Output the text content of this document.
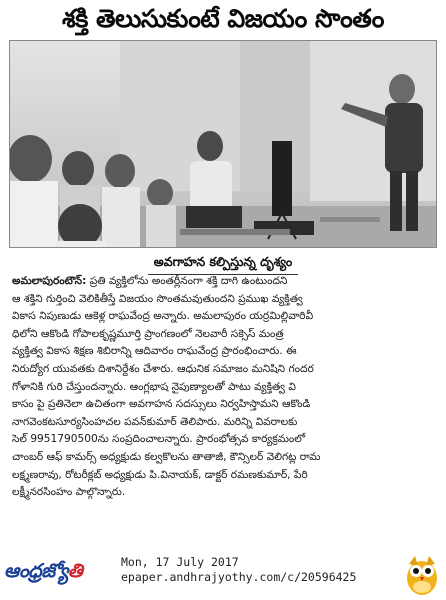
శక్తి తెలుసుకుంటే విజయం సొంతం
అవగాహన కల్పిస్తున్న దృశ్యం
అమలాపురంటౌన్: ప్రతి వ్యక్తిలోను అంతర్లీనంగా శక్తి దాగి ఉంటుందని
ఆ శక్తిని గుర్తించి వెలికితీస్తే విజయం సొంతమవుతుందని ప్రముఖ వ్యక్తిత్వ
వికాస నిపుణుడు ఆకెళ్ల రాఘవేంద్ర అన్నారు. అమలాపురం యర్రమిల్లివారివీ
ధిలోని ఆకొండి గోపాలకృష్ణమూర్తి ప్రాంగణంలో నెలవారీ సక్సెస్ మంత్ర
వ్యక్తిత్వ వికాస శిక్షణ శిబిరాన్ని ఆదివారం రాఘవేంద్ర ప్రారంభించారు. ఈ
నిరుద్యోగ యువతకు దిశానిర్దేశం చేశారు. ఆధునిక సమాజం మనిషిని గందర
గోళానికి గురి చేస్తుందన్నారు. ఆంగ్లభాష నైపుణ్యాలతో పాటు వ్యక్తిత్వ వి
కాసం పై ప్రతినెలా ఉచితంగా అవగాహన సదస్సులు నిర్వహిస్తామని ఆకొండి
నాగవెంకటసూర్యసింహచల పవన్‌కుమార్ తెలిపారు. మరిన్ని వివరాలకు
సెల్ 9951790500ను సంప్రదించాలన్నారు. ప్రారంభోత్సవ కార్యక్రమంలో
చాంబర్ ఆఫ్ కామర్స్ అధ్యక్షుడు కల్వకొలను తాతాజీ, కౌన్సిలర్ వెలిగట్ల రామ
లక్ష్మణరావు, రోటరీక్లబ్ అధ్యక్షుడు పి.వినాయక్, డాక్టర్ రమణకుమార్, పేరి
లక్ష్మీనరసింహం పాల్గొన్నారు.
ఆంధ్రజ్యోతి	Mon, 17 July 2017
epaper.andhrajyothy.com/c/20596425
